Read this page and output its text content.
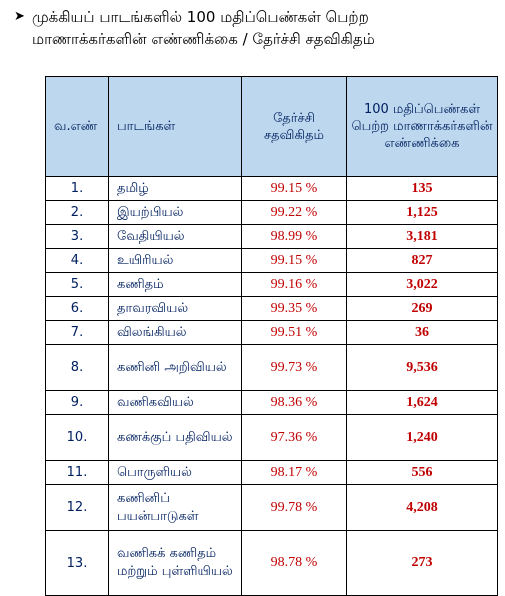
➤ முக்கியப் பாடங்களில் 100 மதிப்பெண்கள் பெற்ற
மாணாக்கர்களின் எண்ணிக்கை / தேர்ச்சி சதவிகிதம்
வ.எண்	பாடங்கள்	தேர்ச்சி சதவிகிதம்	100 மதிப்பெண்கள் பெற்ற மாணாக்கர்களின் எண்ணிக்கை
1.	தமிழ்	99.15 %	135
2.	இயற்பியல்	99.22 %	1,125
3.	வேதியியல்	98.99 %	3,181
4.	உயிரியல்	99.15 %	827
5.	கணிதம்	99.16 %	3,022
6.	தாவரவியல்	99.35 %	269
7.	விலங்கியல்	99.51 %	36
8.	கணினி அறிவியல்	99.73 %	9,536
9.	வணிகவியல்	98.36 %	1,624
10.	கணக்குப் பதிவியல்	97.36 %	1,240
11.	பொருளியல்	98.17 %	556
12.	கணினிப் பயன்பாடுகள்	99.78 %	4,208
13.	வணிகக் கணிதம் மற்றும் புள்ளியியல்	98.78 %	273
